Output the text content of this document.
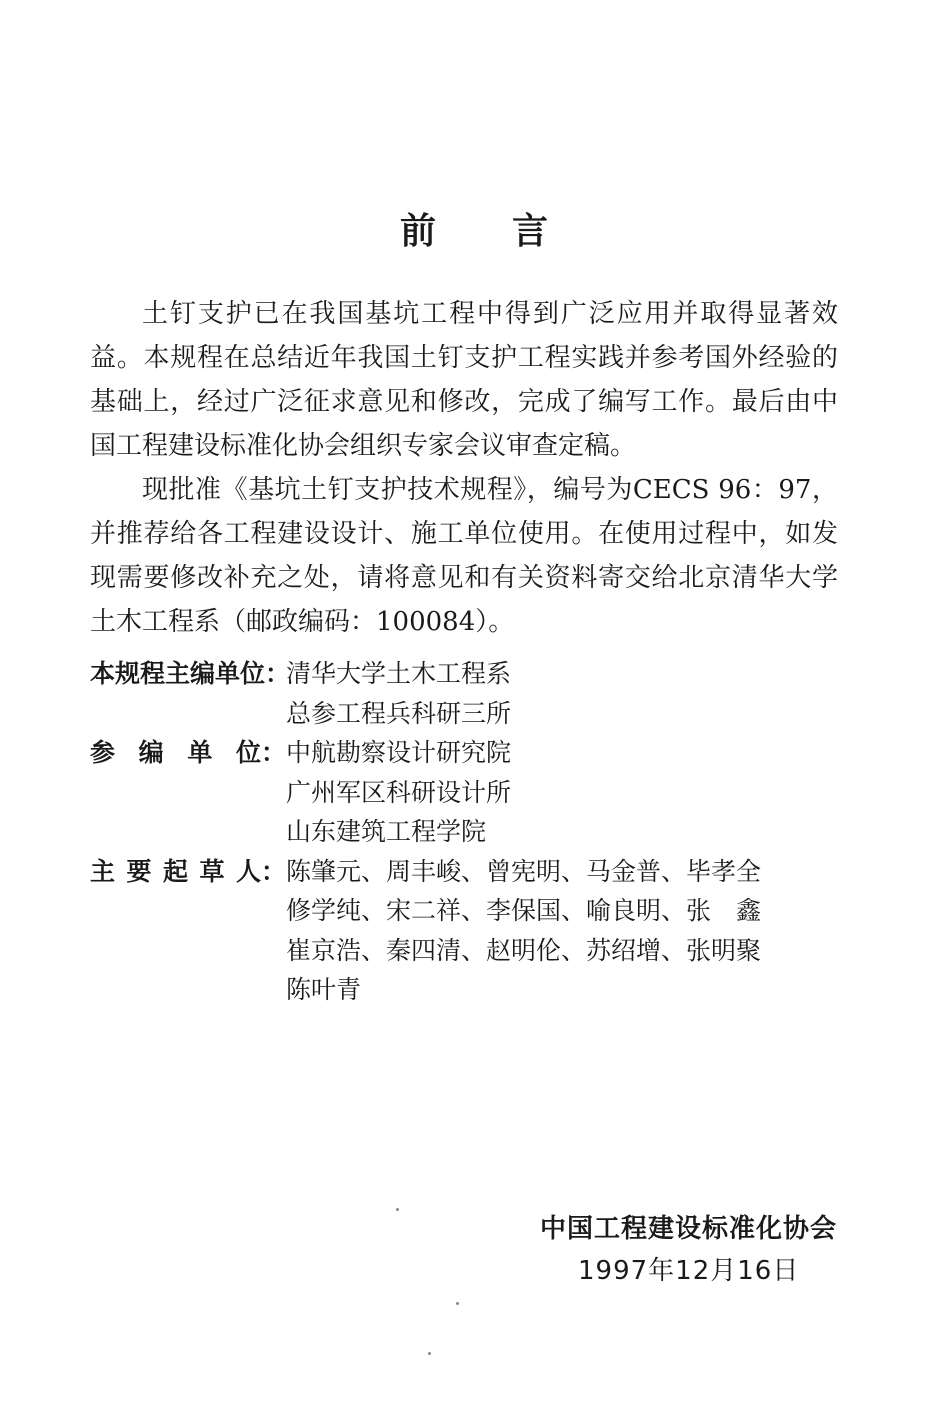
前 言

土钉支护已在我国基坑工程中得到广泛应用并取得显著效益。本规程在总结近年我国土钉支护工程实践并参考国外经验的基础上，经过广泛征求意见和修改，完成了编写工作。最后由中国工程建设标准化协会组织专家会议审查定稿。

现批准《基坑土钉支护技术规程》，编号为CECS 96：97，并推荐给各工程建设设计、施工单位使用。在使用过程中，如发现需要修改补充之处，请将意见和有关资料寄交给北京清华大学土木工程系（邮政编码：100084）。

本规程主编单位：
清华大学土木工程系
总参工程兵科研三所
参 编 单 位： 中航勘察设计研究院
广州军区科研设计所
山东建筑工程学院
主 要 起 草 人： 陈肇元、周丰峻、曾宪明、马金普、毕孝全
修学纯、宋二祥、李保国、喻良明、张　鑫
崔京浩、秦四清、赵明伦、苏绍增、张明聚
陈叶青
中国工程建设标准化协会
1997年12月16日
